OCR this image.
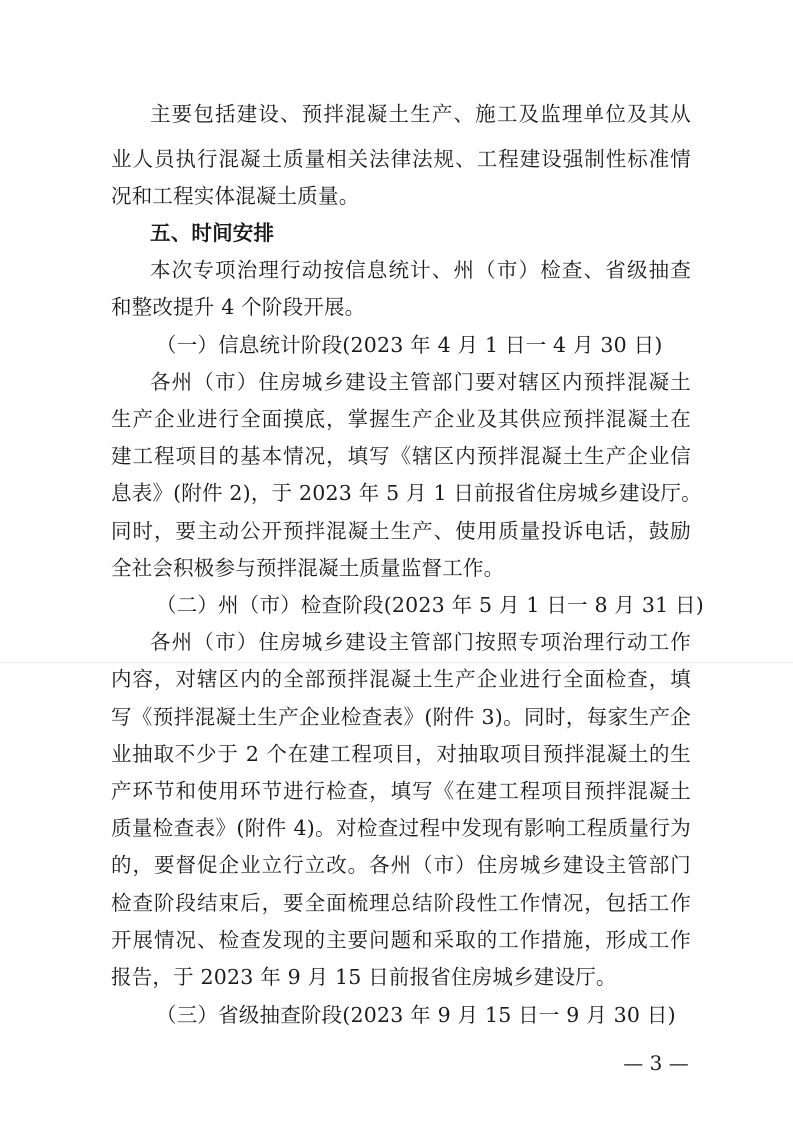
主要包括建设、预拌混凝土生产、施工及监理单位及其从
业人员执行混凝土质量相关法律法规、工程建设强制性标准情
况和工程实体混凝土质量。
五、时间安排
本次专项治理行动按信息统计、州（市）检查、省级抽查
和整改提升 4 个阶段开展。
（一）信息统计阶段(2023 年 4 月 1 日一 4 月 30 日)
各州（市）住房城乡建设主管部门要对辖区内预拌混凝土
生产企业进行全面摸底，掌握生产企业及其供应预拌混凝土在
建工程项目的基本情况，填写《辖区内预拌混凝土生产企业信
息表》(附件 2)，于 2023 年 5 月 1 日前报省住房城乡建设厅。
同时，要主动公开预拌混凝土生产、使用质量投诉电话，鼓励
全社会积极参与预拌混凝土质量监督工作。
（二）州（市）检查阶段(2023 年 5 月 1 日一 8 月 31 日)
各州（市）住房城乡建设主管部门按照专项治理行动工作
内容，对辖区内的全部预拌混凝土生产企业进行全面检查，填
写《预拌混凝土生产企业检查表》(附件 3)。同时，每家生产企
业抽取不少于 2 个在建工程项目，对抽取项目预拌混凝土的生
产环节和使用环节进行检查，填写《在建工程项目预拌混凝土
质量检查表》(附件 4)。对检查过程中发现有影响工程质量行为
的，要督促企业立行立改。各州（市）住房城乡建设主管部门
检查阶段结束后，要全面梳理总结阶段性工作情况，包括工作
开展情况、检查发现的主要问题和采取的工作措施，形成工作
报告，于 2023 年 9 月 15 日前报省住房城乡建设厅。
（三）省级抽查阶段(2023 年 9 月 15 日一 9 月 30 日)
— 3 —
